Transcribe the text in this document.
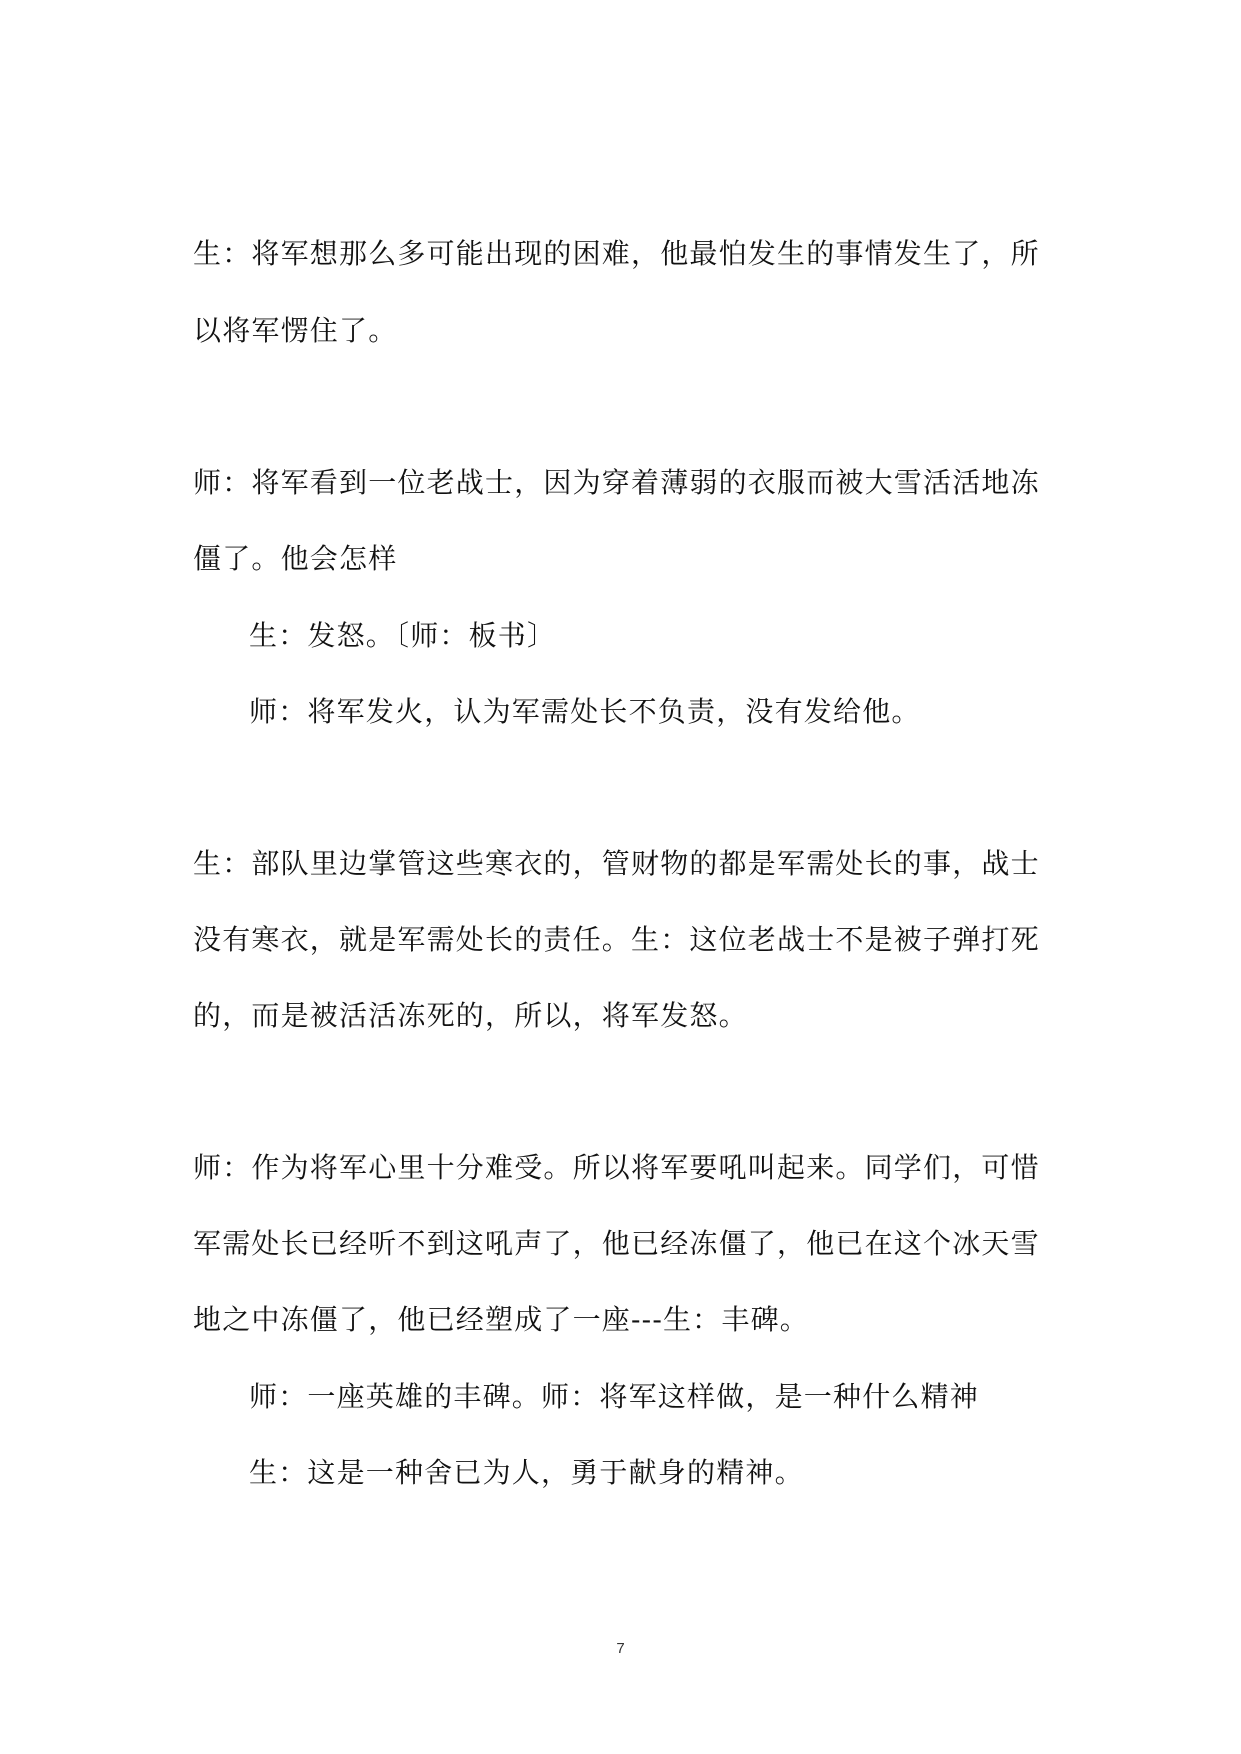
生：将军想那么多可能出现的困难，他最怕发生的事情发生了，所
以将军愣住了。
师：将军看到一位老战士，因为穿着薄弱的衣服而被大雪活活地冻
僵了。他会怎样
生：发怒。〔师：板书〕
师：将军发火，认为军需处长不负责，没有发给他。
生：部队里边掌管这些寒衣的，管财物的都是军需处长的事，战士
没有寒衣，就是军需处长的责任。生：这位老战士不是被子弹打死
的，而是被活活冻死的，所以，将军发怒。
师：作为将军心里十分难受。所以将军要吼叫起来。同学们，可惜
军需处长已经听不到这吼声了，他已经冻僵了，他已在这个冰天雪
地之中冻僵了，他已经塑成了一座---生：丰碑。
师：一座英雄的丰碑。师：将军这样做，是一种什么精神
生：这是一种舍已为人，勇于献身的精神。
7
